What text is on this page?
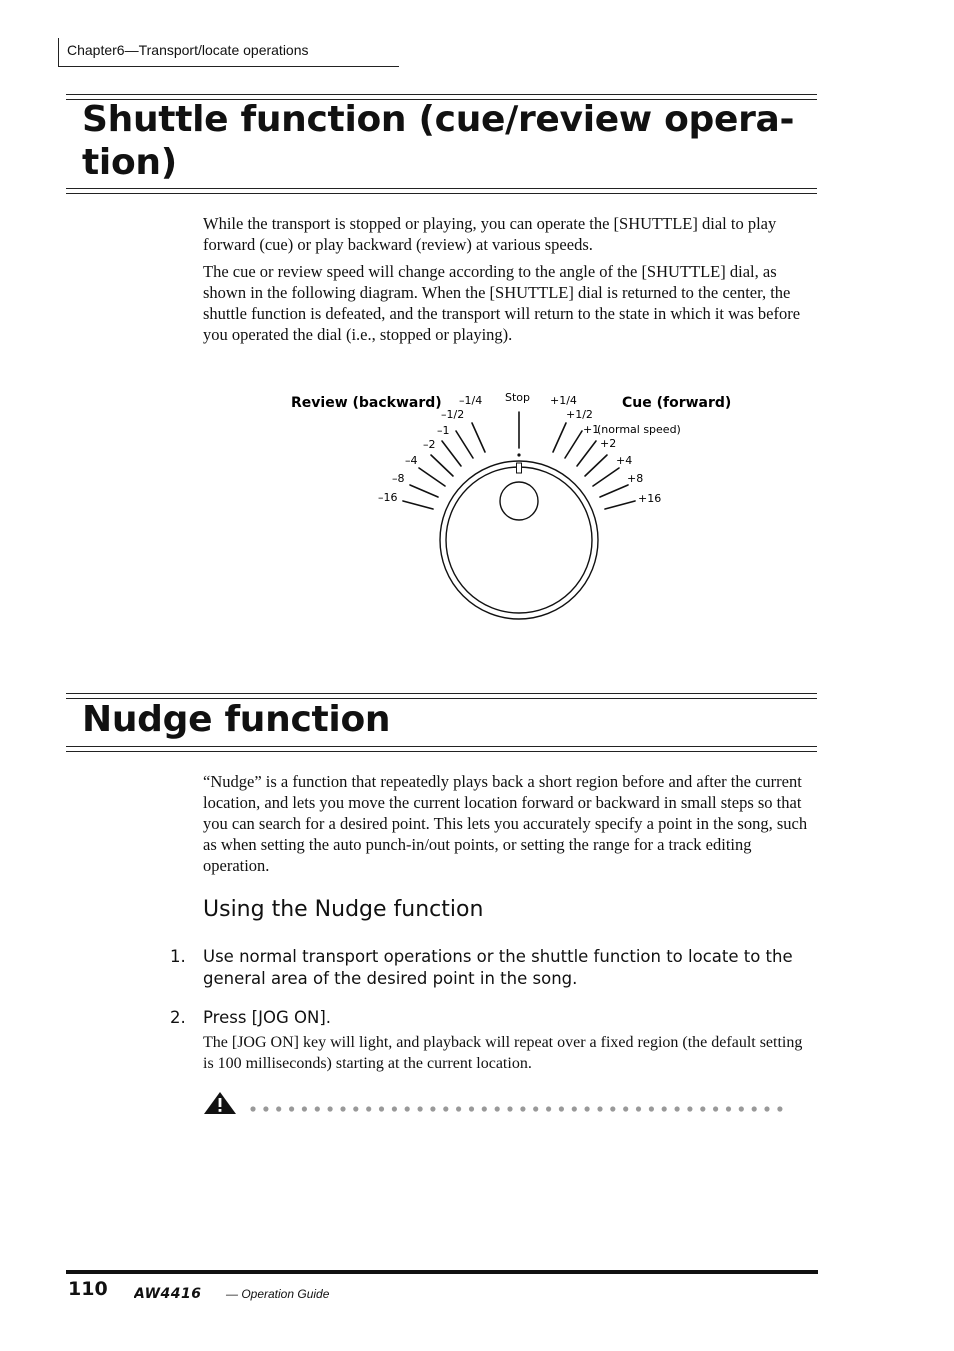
Chapter6—Transport/locate operations
Shuttle function (cue/review opera-
tion)

While the transport is stopped or playing, you can operate the [SHUTTLE] dial to play forward (cue) or play backward (review) at various speeds.

The cue or review speed will change according to the angle of the [SHUTTLE] dial, as shown in the following diagram. When the [SHUTTLE] dial is returned to the center, the shuttle function is defeated, and the transport will return to the state in which it was before you operated the dial (i.e., stopped or playing).

Review (backward)	Cue (forward)
Stop
–16
–8
–4
–2
–1
–1/2
–1/4	+1/4
+1/2
+1
(normal speed)
+2
+4
+8
+16
Nudge function

“Nudge” is a function that repeatedly plays back a short region before and after the current location, and lets you move the current location forward or backward in small steps so that you can search for a desired point. This lets you accurately specify a point in the song, such as when setting the auto punch-in/out points, or setting the range for a track editing operation.

Using the Nudge function
1. Use normal transport operations or the shuttle function to locate to the general area of the desired point in the song.
2. Press [JOG ON].

The [JOG ON] key will light, and playback will repeat over a fixed region (the default setting is 100 milliseconds) starting at the current location.

110 AW4416 — Operation Guide
